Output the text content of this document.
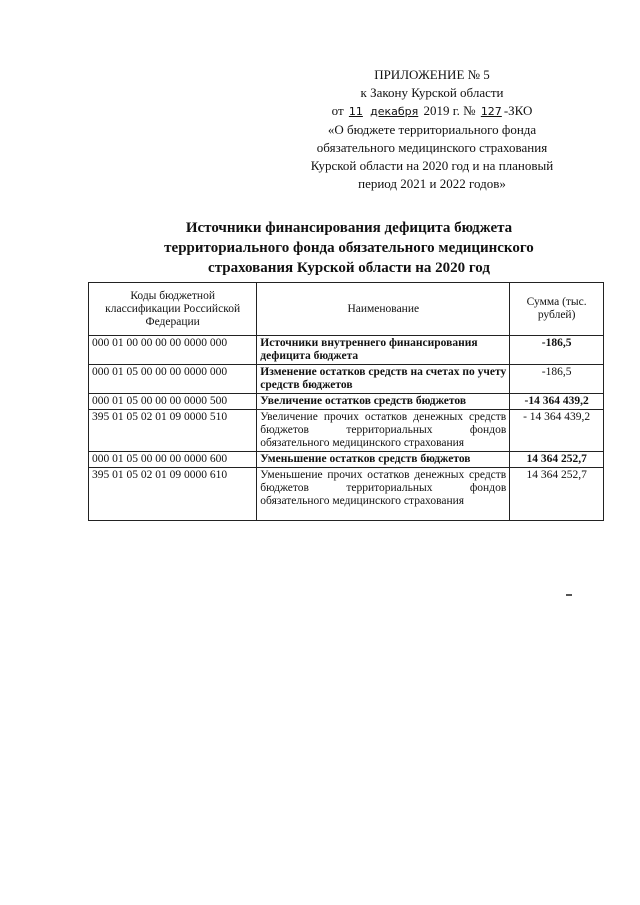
ПРИЛОЖЕНИЕ № 5
к Закону Курской области
от 11 декабря 2019 г. № 127 -ЗКО
«О бюджете территориального фонда
обязательного медицинского страхования
Курской области на 2020 год и на плановый
период 2021 и 2022 годов»
Источники финансирования дефицита бюджета
территориального фонда обязательного медицинского
страхования Курской области на 2020 год
Коды бюджетной классификации Российской Федерации	Наименование	Сумма (тыс. рублей)
000 01 00 00 00 00 0000 000	Источники внутреннего финансирования дефицита бюджета	-186,5
000 01 05 00 00 00 0000 000	Изменение остатков средств на счетах по учету средств бюджетов	-186,5
000 01 05 00 00 00 0000 500	Увеличение остатков средств бюджетов	-14 364 439,2
395 01 05 02 01 09 0000 510	Увеличение прочих остатков денежных средств бюджетов территориальных фондов обязательного медицинского страхования	- 14 364 439,2
000 01 05 00 00 00 0000 600	Уменьшение остатков средств бюджетов	14 364 252,7
395 01 05 02 01 09 0000 610	Уменьшение прочих остатков денежных средств бюджетов территориальных фондов обязательного медицинского страхования	14 364 252,7
